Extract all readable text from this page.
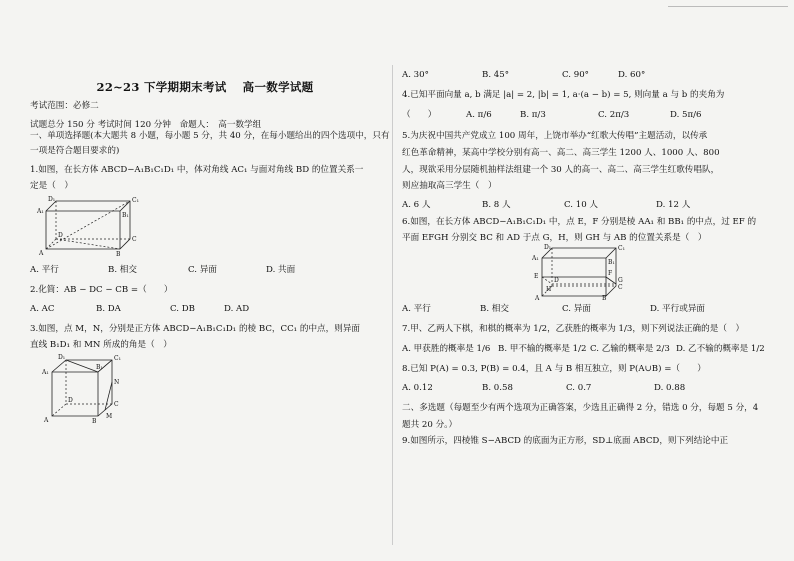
22~23 下学期期末考试　 高一数学试题

考试范围：必修二

试题总分 150 分 考试时间 120 分钟　命题人：　高一数学组

一、单项选择题(本大题共 8 小题，每小题 5 分，共 40 分，在每小题给出的四个选项中，只有

一项是符合题目要求的)

1.如图，在长方体 ABCD−A₁B₁C₁D₁ 中，体对角线 AC₁ 与面对角线 BD 的位置关系一

定是（　）

D₁	C₁
A₁
B₁
D
C
A	B
A. 平行	B. 相交	C. 异面	D. 共面

2.化简：AB − DC − CB =（　　）

A. AC	B. DA	C. DB	D. AD

3.如图，点 M，N，分别是正方体 ABCD−A₁B₁C₁D₁ 的棱 BC，CC₁ 的中点，则异面

直线 B₁D₁ 和 MN 所成的角是（　）

D₁	C₁
A₁
B₁
N
D
C
A	B
M
A. 30°	B. 45°	C. 90°	D. 60°

4.已知平面向量 a, b 满足 |a| = 2, |b| = 1, a·(a − b) = 5, 则向量 a 与 b 的夹角为

（　　）	A. π/6	B. π/3	C. 2π/3	D. 5π/6

5.为庆祝中国共产党成立 100 周年，上饶市举办“红歌大传唱”主题活动，以传承

红色革命精神，某高中学校分别有高一、高二、高三学生 1200 人、1000 人、800

人，现欲采用分层随机抽样法组建一个 30 人的高一、高二、高三学生红歌传唱队，

则应抽取高三学生（　）

A. 6 人	B. 8 人	C. 10 人	D. 12 人

6.如图，在长方体 ABCD−A₁B₁C₁D₁ 中，点 E，F 分别是棱 AA₁ 和 BB₁ 的中点，过 EF 的

平面 EFGH 分别交 BC 和 AD 于点 G，H，则 GH 与 AB 的位置关系是（　）

D₁	C₁
A₁
B₁
E	F
D
C
H
G
A	B
A. 平行	B. 相交	C. 异面	D. 平行或异面

7.甲、乙两人下棋，和棋的概率为 1/2，乙获胜的概率为 1/3，则下列说法正确的是（　）

A. 甲获胜的概率是 1/6 B. 甲不输的概率是 1/2 C. 乙输的概率是 2/3 D. 乙不输的概率是 1/2

8.已知 P(A) = 0.3, P(B) = 0.4，且 A 与 B 相互独立，则 P(A∪B) =（　　）

A. 0.12	B. 0.58	C. 0.7	D. 0.88

二、多选题（每题至少有两个选项为正确答案，少选且正确得 2 分，错选 0 分，每题 5 分，4

题共 20 分。）

9.如图所示，四棱锥 S−ABCD 的底面为正方形，SD⊥底面 ABCD，则下列结论中正
